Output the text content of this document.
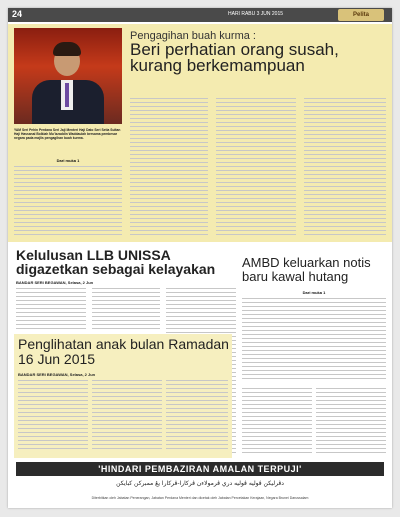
24	HARI RABU 3 JUN 2015	Pelita
YAM Seri Pehin Perdana Seri Jaji Menteri Haji Dato Seri Setia Sultan Haji Hassanal Bolkiah Mu'izzaddin Waddaulah bersama pembesar negara pada majlis pengagihan buah kurma.
Dari muka 1
Pengagihan buah kurma :
Beri perhatian orang susah, kurang berkemampuan
Kelulusan LLB UNISSA digazetkan sebagai kelayakan
BANDAR SERI BEGAWAN, Selasa, 2 Jun
Penglihatan anak bulan Ramadan 16 Jun 2015
BANDAR SERI BEGAWAN, Selasa, 2 Jun
AMBD keluarkan notis baru kawal hutang
Dari muka 1
'HINDARI PEMBAZIRAN AMALAN TERPUJI'
دڤرليکن ڤوليه ڤوليه دري ڤرمولاءن ڤرکارا-ڤرکارا يڠ ممبرکن کبايکن
Diterbitkan oleh Jabatan Penerangan, Jabatan Perdana Menteri dan dicetak oleh Jabatan Percetakan Kerajaan, Negara Brunei Darussalam
